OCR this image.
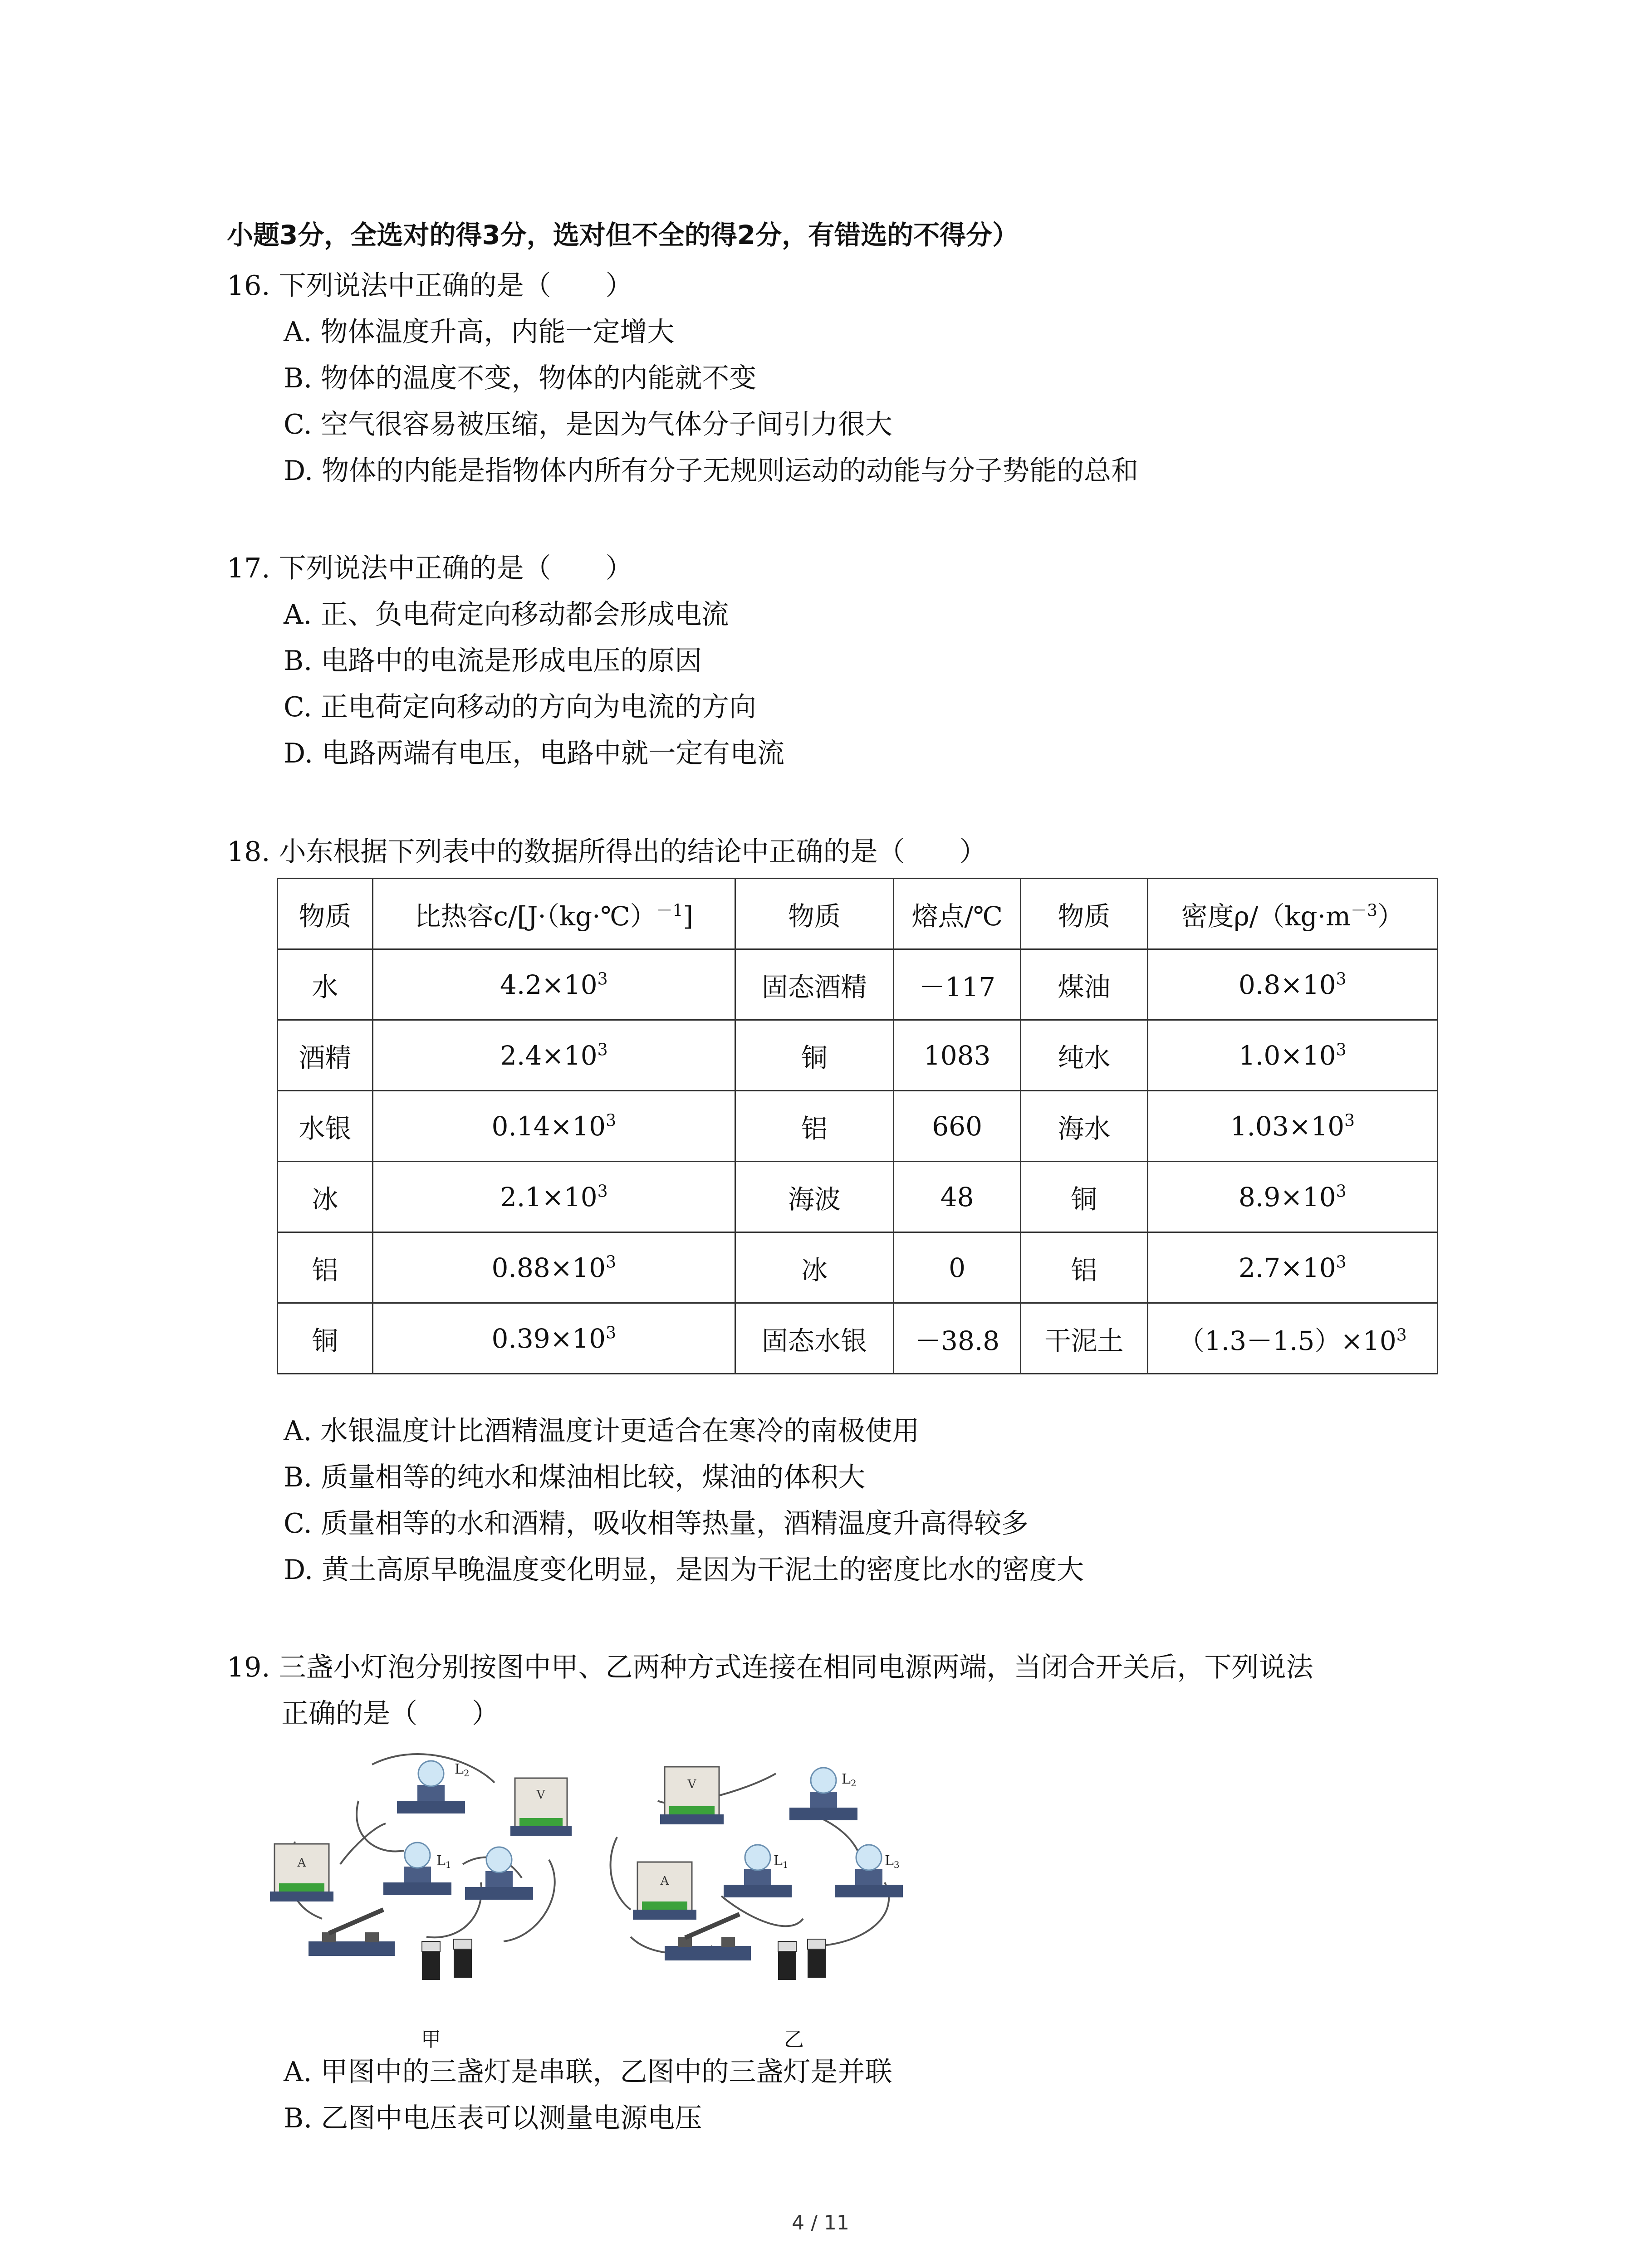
小题3分，全选对的得3分，选对但不全的得2分，有错选的不得分）
16. 下列说法中正确的是（　　）
A. 物体温度升高，内能一定增大
B. 物体的温度不变，物体的内能就不变
C. 空气很容易被压缩，是因为气体分子间引力很大
D. 物体的内能是指物体内所有分子无规则运动的动能与分子势能的总和
17. 下列说法中正确的是（　　）
A. 正、负电荷定向移动都会形成电流
B. 电路中的电流是形成电压的原因
C. 正电荷定向移动的方向为电流的方向
D. 电路两端有电压，电路中就一定有电流
18. 小东根据下列表中的数据所得出的结论中正确的是（　　）
物质	比热容c/[J·（kg·℃）$^{-1}$]	物质	熔点/℃	物质	密度$\rho/(kg\cdot m^{-3})$
水	$4.2\times 10^3$	固态酒精	－117	煤油	$0.8\times 10^3$
酒精	$2.4\times 10^3$	铜	1083	纯水	$1.0\times 10^3$
水银	$0.14\times 10^3$	铝	660	海水	$1.03\times 10^3$
冰	$2.1\times 10^3$	海波	48	铜	$8.9\times 10^3$
铝	$0.88\times 10^3$	冰	0	铝	$2.7\times 10^3$
铜	$0.39\times 10^3$	固态水银	－38.8	干泥土	$(1.3-1.5)\times 10^3$
A. 水银温度计比酒精温度计更适合在寒冷的南极使用
B. 质量相等的纯水和煤油相比较，煤油的体积大
C. 质量相等的水和酒精，吸收相等热量，酒精温度升高得较多
D. 黄土高原早晚温度变化明显，是因为干泥土的密度比水的密度大
19. 三盏小灯泡分别按图中甲、乙两种方式连接在相同电源两端，当闭合开关后，下列说法
正确的是（　　）
V
A
$L_2$
$L_1$
V
A
$L_2$
$L_1$	$L_3$
甲	乙
A. 甲图中的三盏灯是串联，乙图中的三盏灯是并联
B. 乙图中电压表可以测量电源电压
4 / 11
